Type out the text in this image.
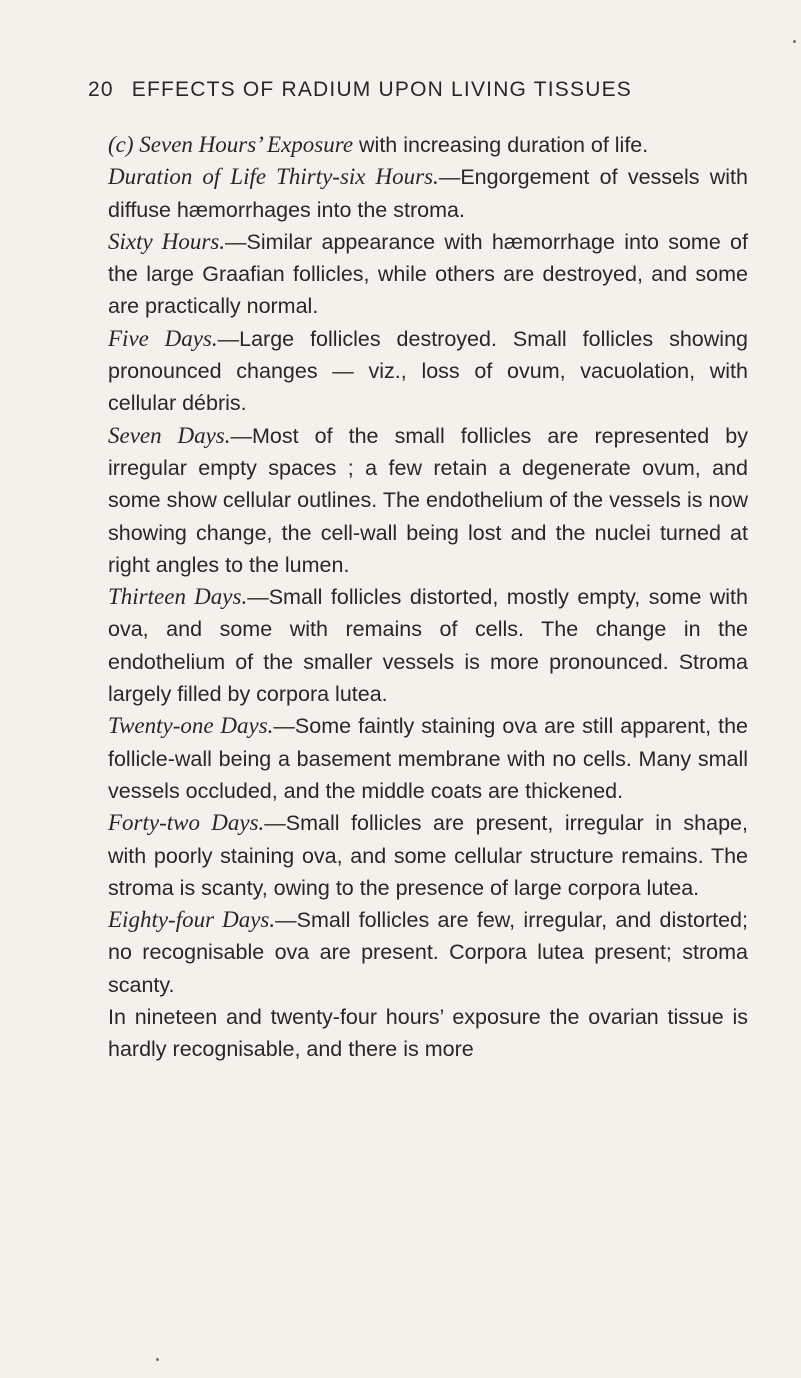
20 EFFECTS OF RADIUM UPON LIVING TISSUES

(c) Seven Hours’ Exposure with increasing duration of life.

Duration of Life Thirty-six Hours.—Engorgement of vessels with diffuse hæmorrhages into the stroma.

Sixty Hours.—Similar appearance with hæmorrhage into some of the large Graafian follicles, while others are destroyed, and some are practically normal.

Five Days.—Large follicles destroyed. Small follicles showing pronounced changes — viz., loss of ovum, vacuolation, with cellular débris.

Seven Days.—Most of the small follicles are represented by irregular empty spaces ; a few retain a degenerate ovum, and some show cellular outlines. The endothelium of the vessels is now showing change, the cell-wall being lost and the nuclei turned at right angles to the lumen.

Thirteen Days.—Small follicles distorted, mostly empty, some with ova, and some with remains of cells. The change in the endothelium of the smaller vessels is more pronounced. Stroma largely filled by corpora lutea.

Twenty-one Days.—Some faintly staining ova are still apparent, the follicle-wall being a basement membrane with no cells. Many small vessels occluded, and the middle coats are thickened.

Forty-two Days.—Small follicles are present, irregular in shape, with poorly staining ova, and some cellular structure remains. The stroma is scanty, owing to the presence of large corpora lutea.

Eighty-four Days.—Small follicles are few, irregular, and distorted; no recognisable ova are present. Corpora lutea present; stroma scanty.

In nineteen and twenty-four hours’ exposure the ovarian tissue is hardly recognisable, and there is more
